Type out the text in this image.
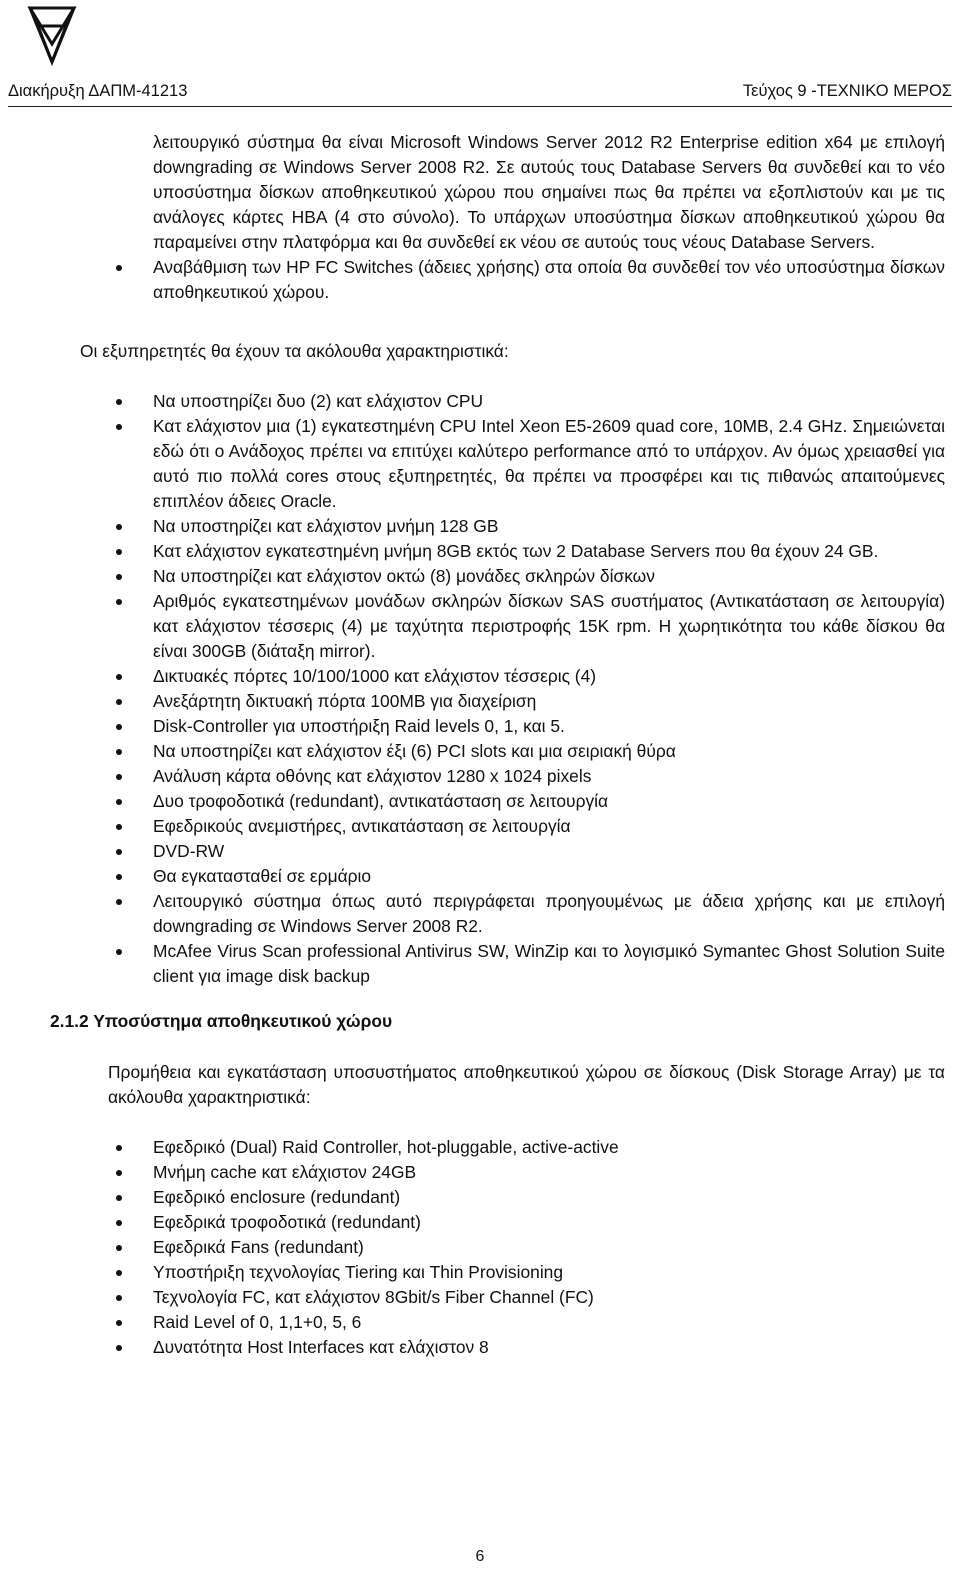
Διακήρυξη ΔΑΠΜ-41213	Τεύχος 9 -ΤΕΧΝΙΚΟ ΜΕΡΟΣ

λειτουργικό σύστημα θα είναι Microsoft Windows Server 2012 R2 Enterprise edition x64 με επιλογή downgrading σε Windows Server 2008 R2. Σε αυτούς τους Database Servers θα συνδεθεί και το νέο υποσύστημα δίσκων αποθηκευτικού χώρου που σημαίνει πως θα πρέπει να εξοπλιστούν και με τις ανάλογες κάρτες HBA (4 στο σύνολο). Το υπάρχων υποσύστημα δίσκων αποθηκευτικού χώρου θα παραμείνει στην πλατφόρμα και θα συνδεθεί εκ νέου σε αυτούς τους νέους Database Servers.

Αναβάθμιση των HP FC Switches (άδειες χρήσης) στα οποία θα συνδεθεί τον νέο υποσύστημα δίσκων αποθηκευτικού χώρου.

Οι εξυπηρετητές θα έχουν τα ακόλουθα χαρακτηριστικά:

Να υποστηρίζει δυο (2) κατ ελάχιστον CPU
Κατ ελάχιστον μια (1) εγκατεστημένη CPU Intel Xeon E5-2609 quad core, 10MB, 2.4 GHz. Σημειώνεται εδώ ότι ο Ανάδοχος πρέπει να επιτύχει καλύτερο performance από το υπάρχον. Αν όμως χρειασθεί για αυτό πιο πολλά cores στους εξυπηρετητές, θα πρέπει να προσφέρει και τις πιθανώς απαιτούμενες επιπλέον άδειες Oracle.
Να υποστηρίζει κατ ελάχιστον μνήμη 128 GB
Κατ ελάχιστον εγκατεστημένη μνήμη 8GB εκτός των 2 Database Servers που θα έχουν 24 GB.
Να υποστηρίζει κατ ελάχιστον οκτώ (8) μονάδες σκληρών δίσκων
Αριθμός εγκατεστημένων μονάδων σκληρών δίσκων SAS συστήματος (Αντικατάσταση σε λειτουργία) κατ ελάχιστον τέσσερις (4) με ταχύτητα περιστροφής 15K rpm. Η χωρητικότητα του κάθε δίσκου θα είναι 300GB (διάταξη mirror).
Δικτυακές πόρτες 10/100/1000 κατ ελάχιστον τέσσερις (4)
Ανεξάρτητη δικτυακή πόρτα 100MB για διαχείριση
Disk-Controller για υποστήριξη Raid levels 0, 1, και 5.
Να υποστηρίζει κατ ελάχιστον έξι (6) PCI slots και μια σειριακή θύρα
Ανάλυση κάρτα οθόνης κατ ελάχιστον 1280 x 1024 pixels
Δυο τροφοδοτικά (redundant), αντικατάσταση σε λειτουργία
Εφεδρικούς ανεμιστήρες, αντικατάσταση σε λειτουργία
DVD-RW
Θα εγκατασταθεί σε ερμάριο
Λειτουργικό σύστημα όπως αυτό περιγράφεται προηγουμένως με άδεια χρήσης και με επιλογή downgrading σε Windows Server 2008 R2.
McAfee Virus Scan professional Antivirus SW, WinZip και το λογισμικό Symantec Ghost Solution Suite client για image disk backup

2.1.2 Υποσύστημα αποθηκευτικού χώρου

Προμήθεια και εγκατάσταση υποσυστήματος αποθηκευτικού χώρου σε δίσκους (Disk Storage Array) με τα ακόλουθα χαρακτηριστικά:

Εφεδρικό (Dual) Raid Controller, hot-pluggable, active-active
Μνήμη cache κατ ελάχιστον 24GB
Εφεδρικό enclosure (redundant)
Εφεδρικά τροφοδοτικά (redundant)
Εφεδρικά Fans (redundant)
Υποστήριξη τεχνολογίας Tiering και Thin Provisioning
Τεχνολογία FC, κατ ελάχιστον 8Gbit/s Fiber Channel (FC)
Raid Level of 0, 1,1+0, 5, 6
Δυνατότητα Host Interfaces κατ ελάχιστον 8
6
